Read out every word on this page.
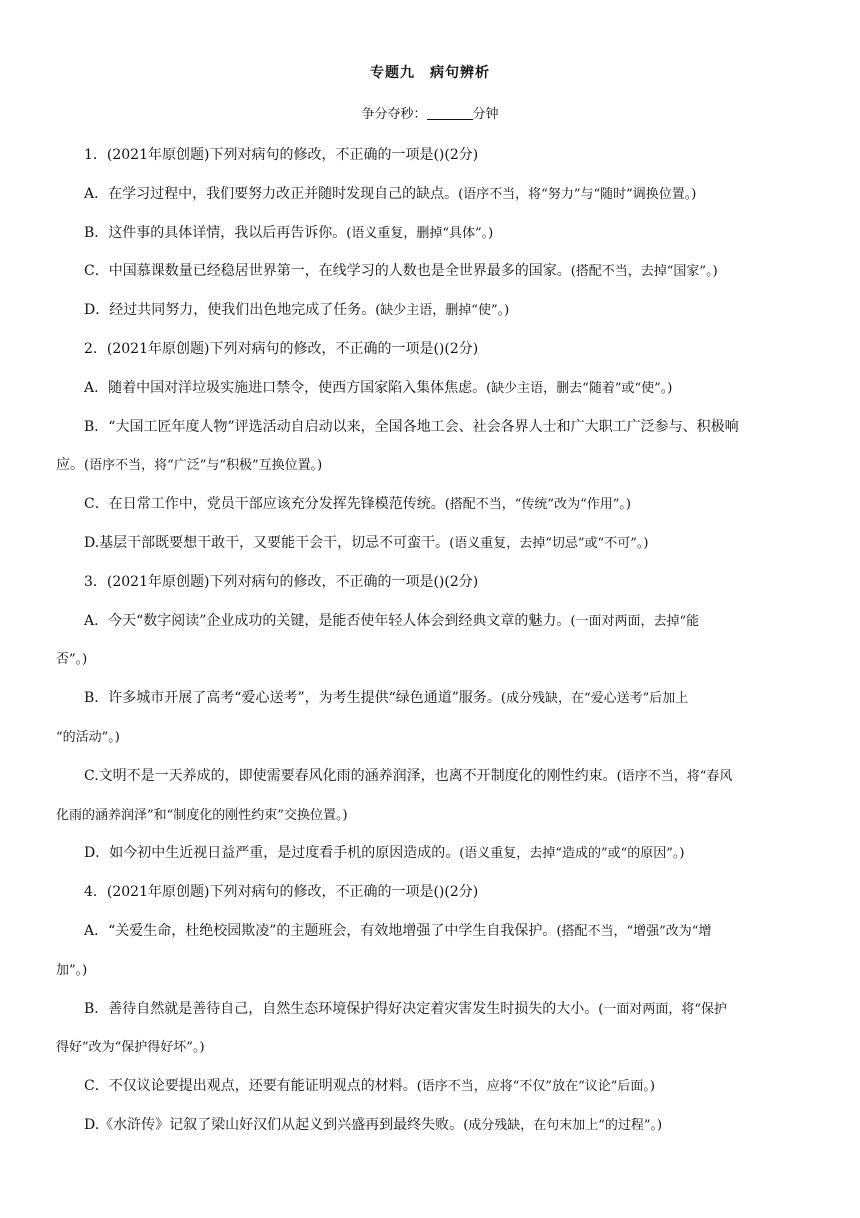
专题九　病句辨析
争分夺秒：	分钟
1．(2021年原创题)下列对病句的修改，不正确的一项是()(2分)
A．在学习过程中，我们要努力改正并随时发现自己的缺点。(语序不当，将“努力”与“随时”调换位置。)
B．这件事的具体详情，我以后再告诉你。(语义重复，删掉“具体”。)
C．中国慕课数量已经稳居世界第一，在线学习的人数也是全世界最多的国家。(搭配不当，去掉“国家”。)
D．经过共同努力，使我们出色地完成了任务。(缺少主语，删掉“使”。)
2．(2021年原创题)下列对病句的修改，不正确的一项是()(2分)
A．随着中国对洋垃圾实施进口禁令，使西方国家陷入集体焦虑。(缺少主语，删去“随着”或“使”。)
B．“大国工匠年度人物”评选活动自启动以来，全国各地工会、社会各界人士和广大职工广泛参与、积极响
应。(语序不当，将“广泛”与“积极”互换位置。)
C．在日常工作中，党员干部应该充分发挥先锋模范传统。(搭配不当，“传统”改为“作用”。)
D.基层干部既要想干敢干，又要能干会干，切忌不可蛮干。(语义重复，去掉“切忌”或“不可”。)
3．(2021年原创题)下列对病句的修改，不正确的一项是()(2分)
A．今天“数字阅读”企业成功的关键，是能否使年轻人体会到经典文章的魅力。(一面对两面，去掉“能
否”。)
B．许多城市开展了高考“爱心送考”，为考生提供“绿色通道”服务。(成分残缺，在“爱心送考”后加上
“的活动”。)
C.文明不是一天养成的，即使需要春风化雨的涵养润泽，也离不开制度化的刚性约束。(语序不当，将“春风
化雨的涵养润泽”和“制度化的刚性约束”交换位置。)
D．如今初中生近视日益严重，是过度看手机的原因造成的。(语义重复，去掉“造成的”或“的原因”。)
4．(2021年原创题)下列对病句的修改，不正确的一项是()(2分)
A．“关爱生命，杜绝校园欺凌”的主题班会，有效地增强了中学生自我保护。(搭配不当，“增强”改为“增
加”。)
B．善待自然就是善待自己，自然生态环境保护得好决定着灾害发生时损失的大小。(一面对两面，将“保护
得好”改为“保护得好坏”。)
C．不仅议论要提出观点，还要有能证明观点的材料。(语序不当，应将“不仅”放在“议论”后面。)
D.《水浒传》记叙了梁山好汉们从起义到兴盛再到最终失败。(成分残缺，在句末加上“的过程”。)
